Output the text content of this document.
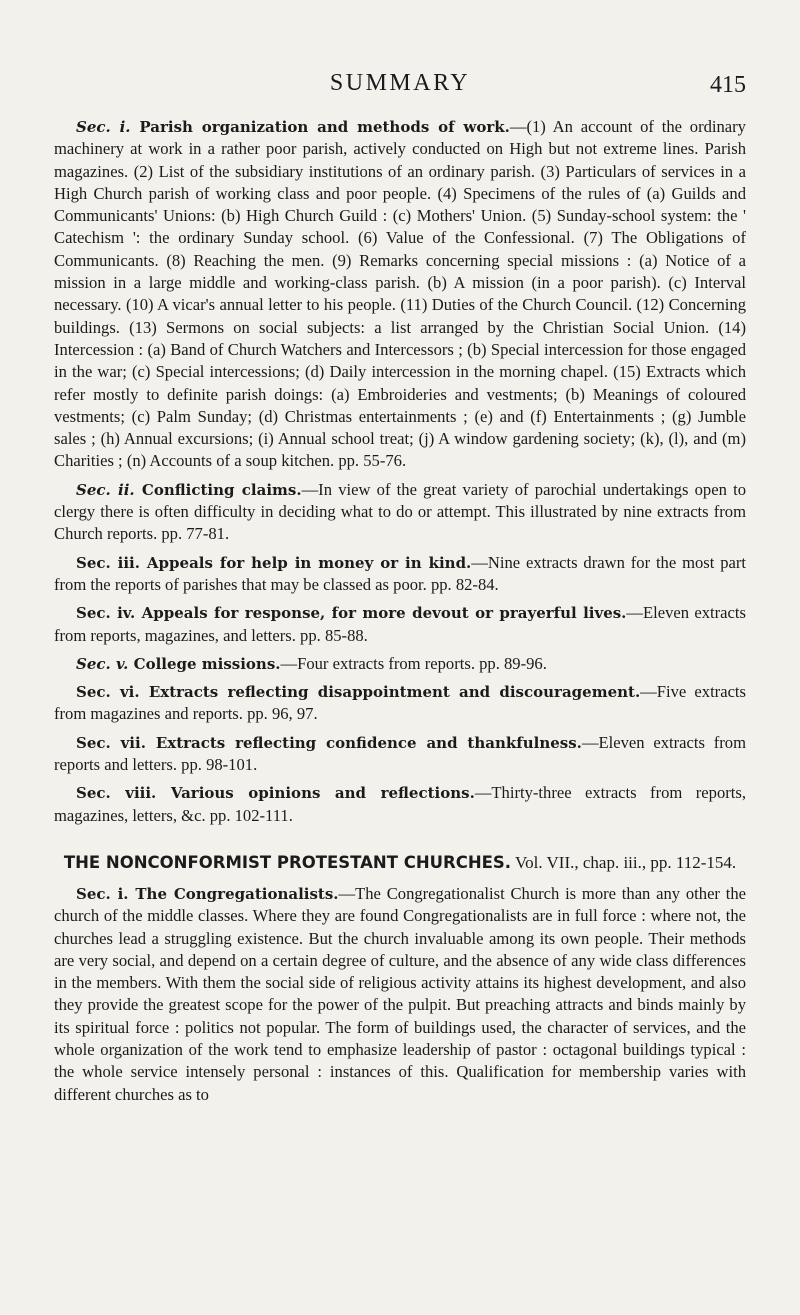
SUMMARY	415

Sec. i. Parish organization and methods of work.—(1) An account of the ordinary machinery at work in a rather poor parish, actively conducted on High but not extreme lines. Parish magazines. (2) List of the subsidiary institutions of an ordinary parish. (3) Particulars of services in a High Church parish of working class and poor people. (4) Specimens of the rules of (a) Guilds and Communicants' Unions: (b) High Church Guild : (c) Mothers' Union. (5) Sunday-school system: the ' Catechism ': the ordinary Sunday school. (6) Value of the Confessional. (7) The Obligations of Communicants. (8) Reaching the men. (9) Remarks concerning special missions : (a) Notice of a mission in a large middle and working-class parish. (b) A mission (in a poor parish). (c) Interval necessary. (10) A vicar's annual letter to his people. (11) Duties of the Church Council. (12) Concerning buildings. (13) Sermons on social subjects: a list arranged by the Christian Social Union. (14) Intercession : (a) Band of Church Watchers and Intercessors ; (b) Special intercession for those engaged in the war; (c) Special intercessions; (d) Daily intercession in the morning chapel. (15) Extracts which refer mostly to definite parish doings: (a) Embroideries and vestments; (b) Meanings of coloured vestments; (c) Palm Sunday; (d) Christmas entertainments ; (e) and (f) Entertainments ; (g) Jumble sales ; (h) Annual excursions; (i) Annual school treat; (j) A window gardening society; (k), (l), and (m) Charities ; (n) Accounts of a soup kitchen. pp. 55-76.

Sec. ii. Conflicting claims.—In view of the great variety of parochial undertakings open to clergy there is often difficulty in deciding what to do or attempt. This illustrated by nine extracts from Church reports. pp. 77-81.

Sec. iii. Appeals for help in money or in kind.—Nine extracts drawn for the most part from the reports of parishes that may be classed as poor. pp. 82-84.

Sec. iv. Appeals for response, for more devout or prayerful lives.—Eleven extracts from reports, magazines, and letters. pp. 85-88.

Sec. v. College missions.—Four extracts from reports. pp. 89-96.

Sec. vi. Extracts reflecting disappointment and discouragement.—Five extracts from magazines and reports. pp. 96, 97.

Sec. vii. Extracts reflecting confidence and thankfulness.—Eleven extracts from reports and letters. pp. 98-101.

Sec. viii. Various opinions and reflections.—Thirty-three extracts from reports, magazines, letters, &c. pp. 102-111.

THE NONCONFORMIST PROTESTANT CHURCHES. Vol. VII., chap. iii., pp. 112-154.

Sec. i. The Congregationalists.—The Congregationalist Church is more than any other the church of the middle classes. Where they are found Congregationalists are in full force : where not, the churches lead a struggling existence. But the church invaluable among its own people. Their methods are very social, and depend on a certain degree of culture, and the absence of any wide class differences in the members. With them the social side of religious activity attains its highest development, and also they provide the greatest scope for the power of the pulpit. But preaching attracts and binds mainly by its spiritual force : politics not popular. The form of buildings used, the character of services, and the whole organization of the work tend to emphasize leadership of pastor : octagonal buildings typical : the whole service intensely personal : instances of this. Qualification for membership varies with different churches as to
